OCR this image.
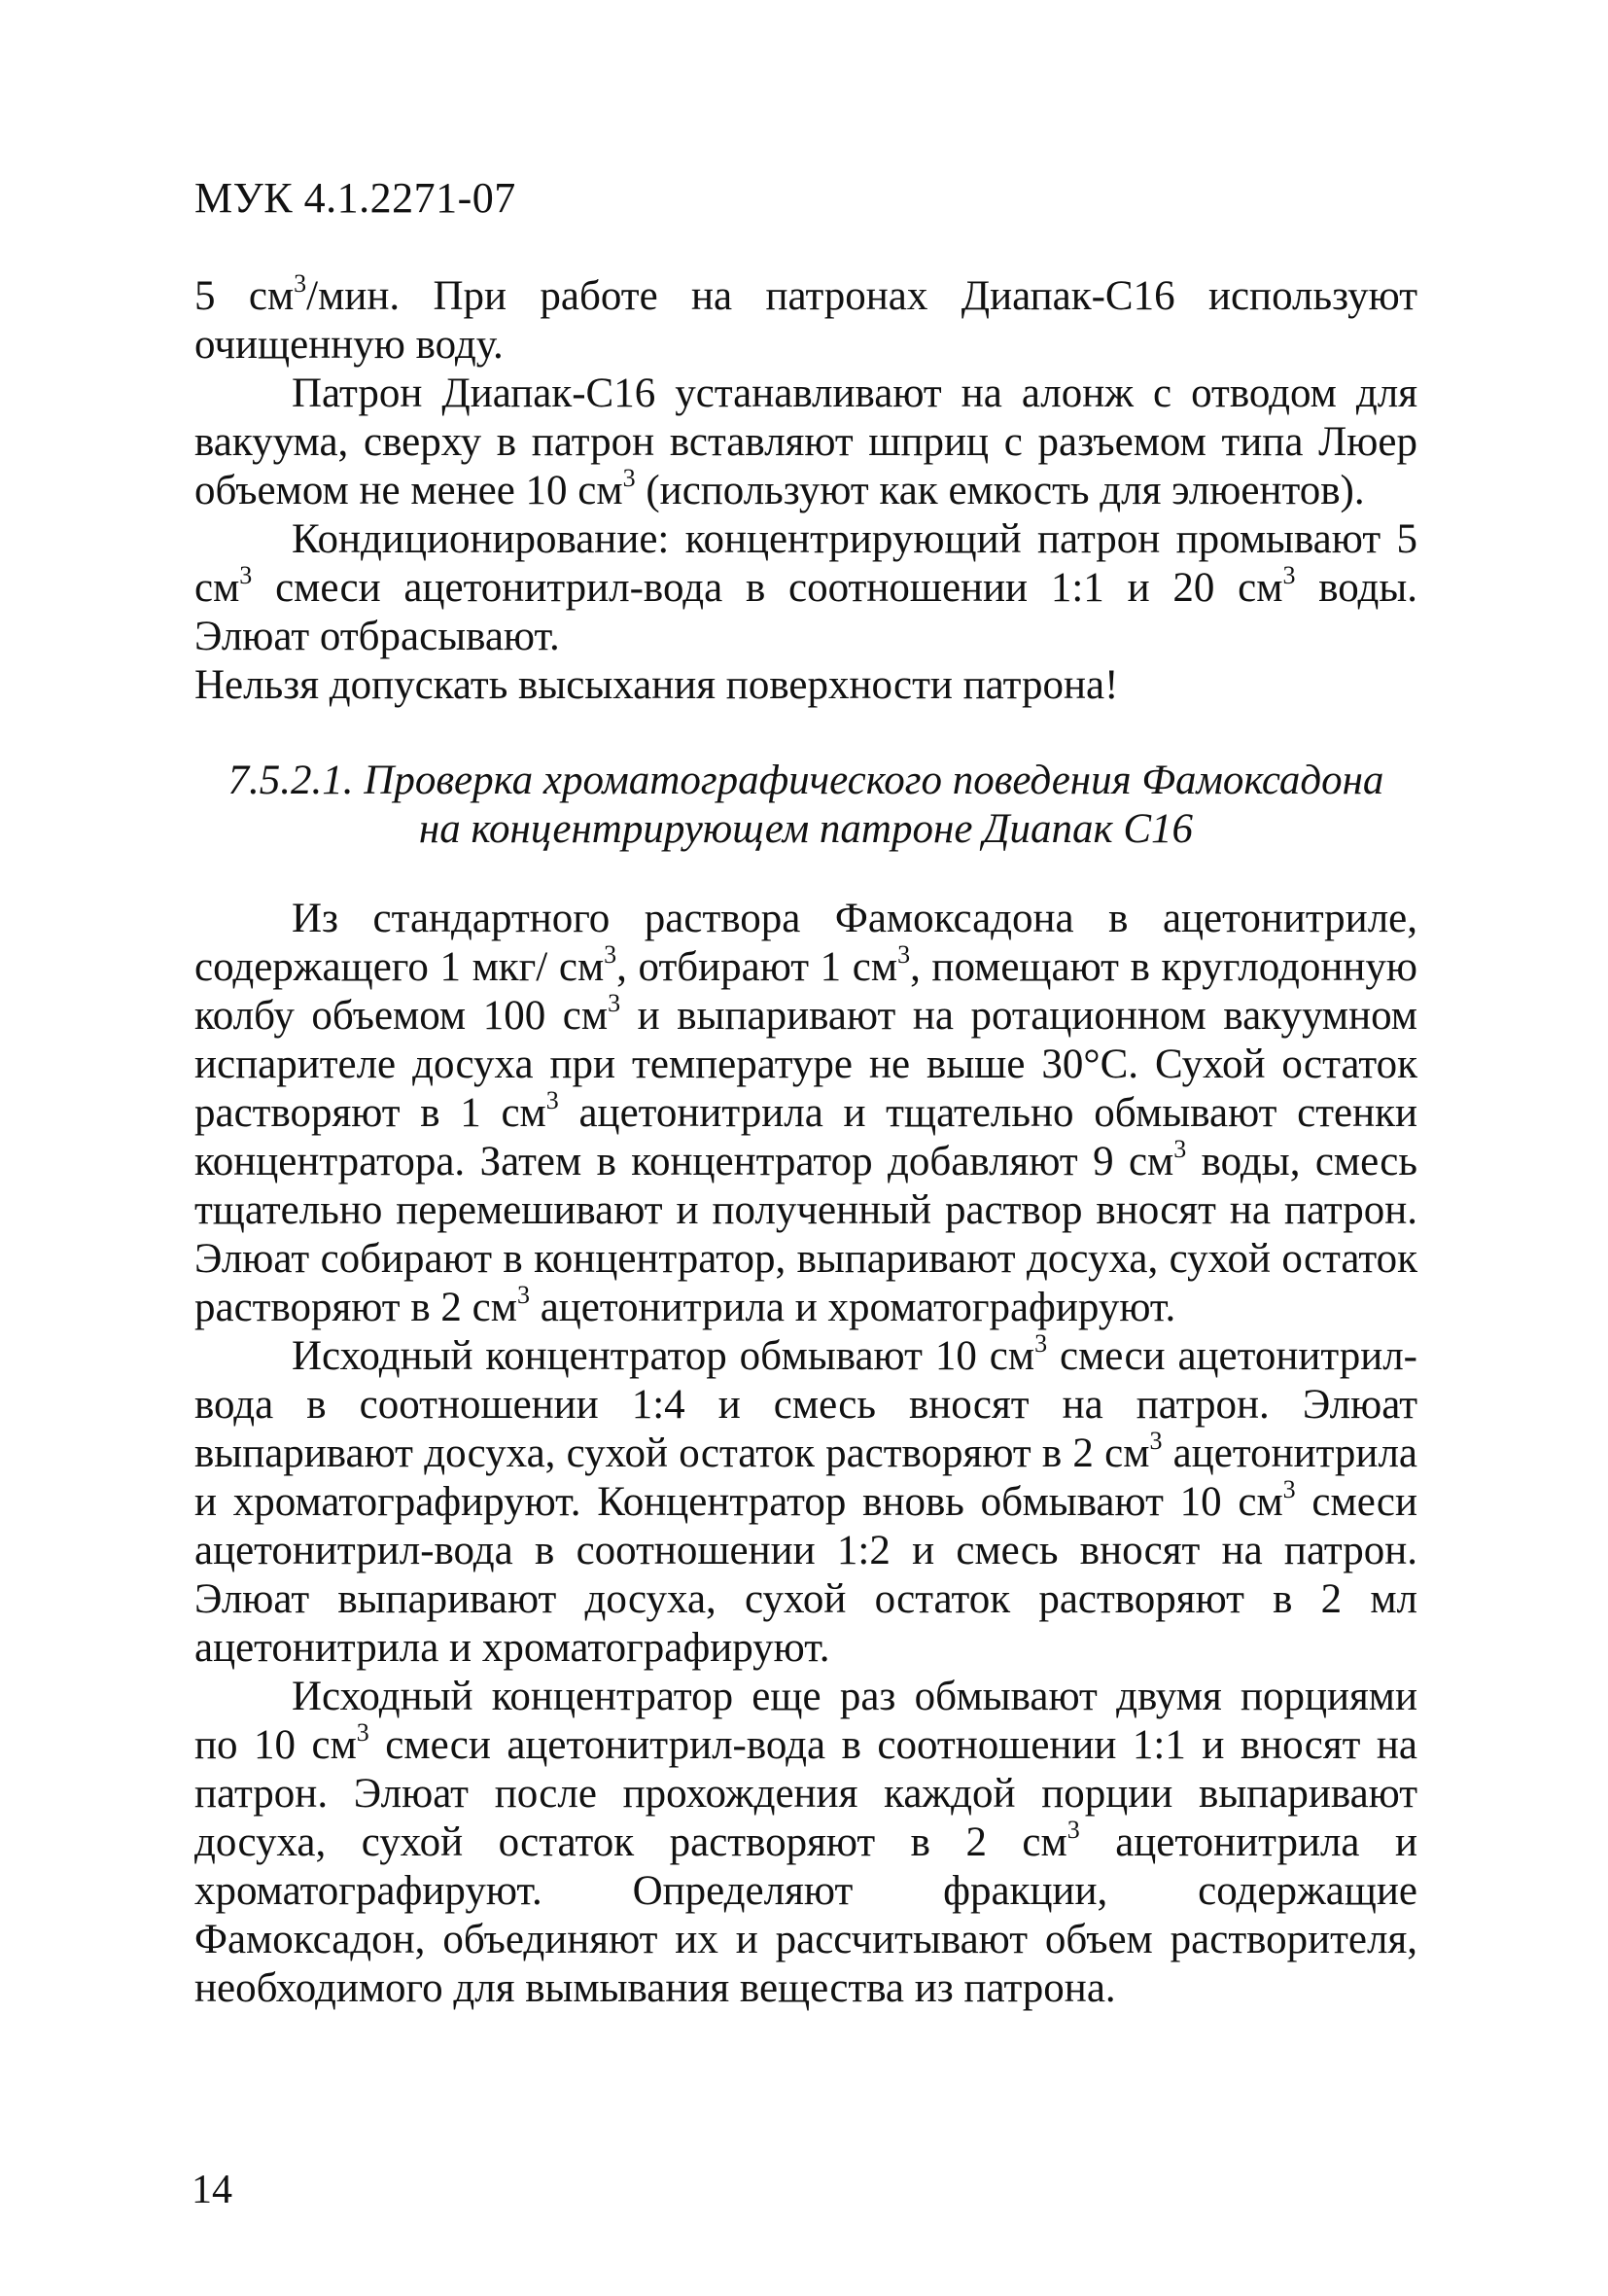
МУК 4.1.2271-07

5 $см^3$/мин. При работе на патронах Диапак-С16 используют очищенную воду.

Патрон Диапак-С16 устанавливают на алонж с отводом для вакуума, сверху в патрон вставляют шприц с разъемом типа Люер объемом не менее 10 $см^3$ (используют как емкость для элюентов).

Кондиционирование: концентрирующий патрон промывают 5 $см^3$ смеси ацетонитрил-вода в соотношении 1:1 и 20 $см^3$ воды. Элюат отбрасывают.

Нельзя допускать высыхания поверхности патрона!

7.5.2.1. Проверка хроматографического поведения Фамоксадона
на концентрирующем патроне Диапак С16

Из стандартного раствора Фамоксадона в ацетонитриле, содержащего 1 мкг/ $см^3$, отбирают 1 $см^3$, помещают в круглодонную колбу объемом 100 $см^3$ и выпаривают на ротационном вакуумном испарителе досуха при температуре не выше 30°С. Сухой остаток растворяют в 1 $см^3$ ацетонитрила и тщательно обмывают стенки концентратора. Затем в концентратор добавляют 9 $см^3$ воды, смесь тщательно перемешивают и полученный раствор вносят на патрон. Элюат собирают в концентратор, выпаривают досуха, сухой остаток растворяют в 2 $см^3$ ацетонитрила и хроматографируют.

Исходный концентратор обмывают 10 $см^3$ смеси ацетонитрил-вода в соотношении 1:4 и смесь вносят на патрон. Элюат выпаривают досуха, сухой остаток растворяют в 2 $см^3$ ацетонитрила и хроматографируют. Концентратор вновь обмывают 10 $см^3$ смеси ацетонитрил-вода в соотношении 1:2 и смесь вносят на патрон. Элюат выпаривают досуха, сухой остаток растворяют в 2 мл ацетонитрила и хроматографируют.

Исходный концентратор еще раз обмывают двумя порциями по 10 $см^3$ смеси ацетонитрил-вода в соотношении 1:1 и вносят на патрон. Элюат после прохождения каждой порции выпаривают досуха, сухой остаток растворяют в 2 $см^3$ ацетонитрила и хроматографируют. Определяют фракции, содержащие Фамоксадон, объединяют их и рассчитывают объем растворителя, необходимого для вымывания вещества из патрона.

14
